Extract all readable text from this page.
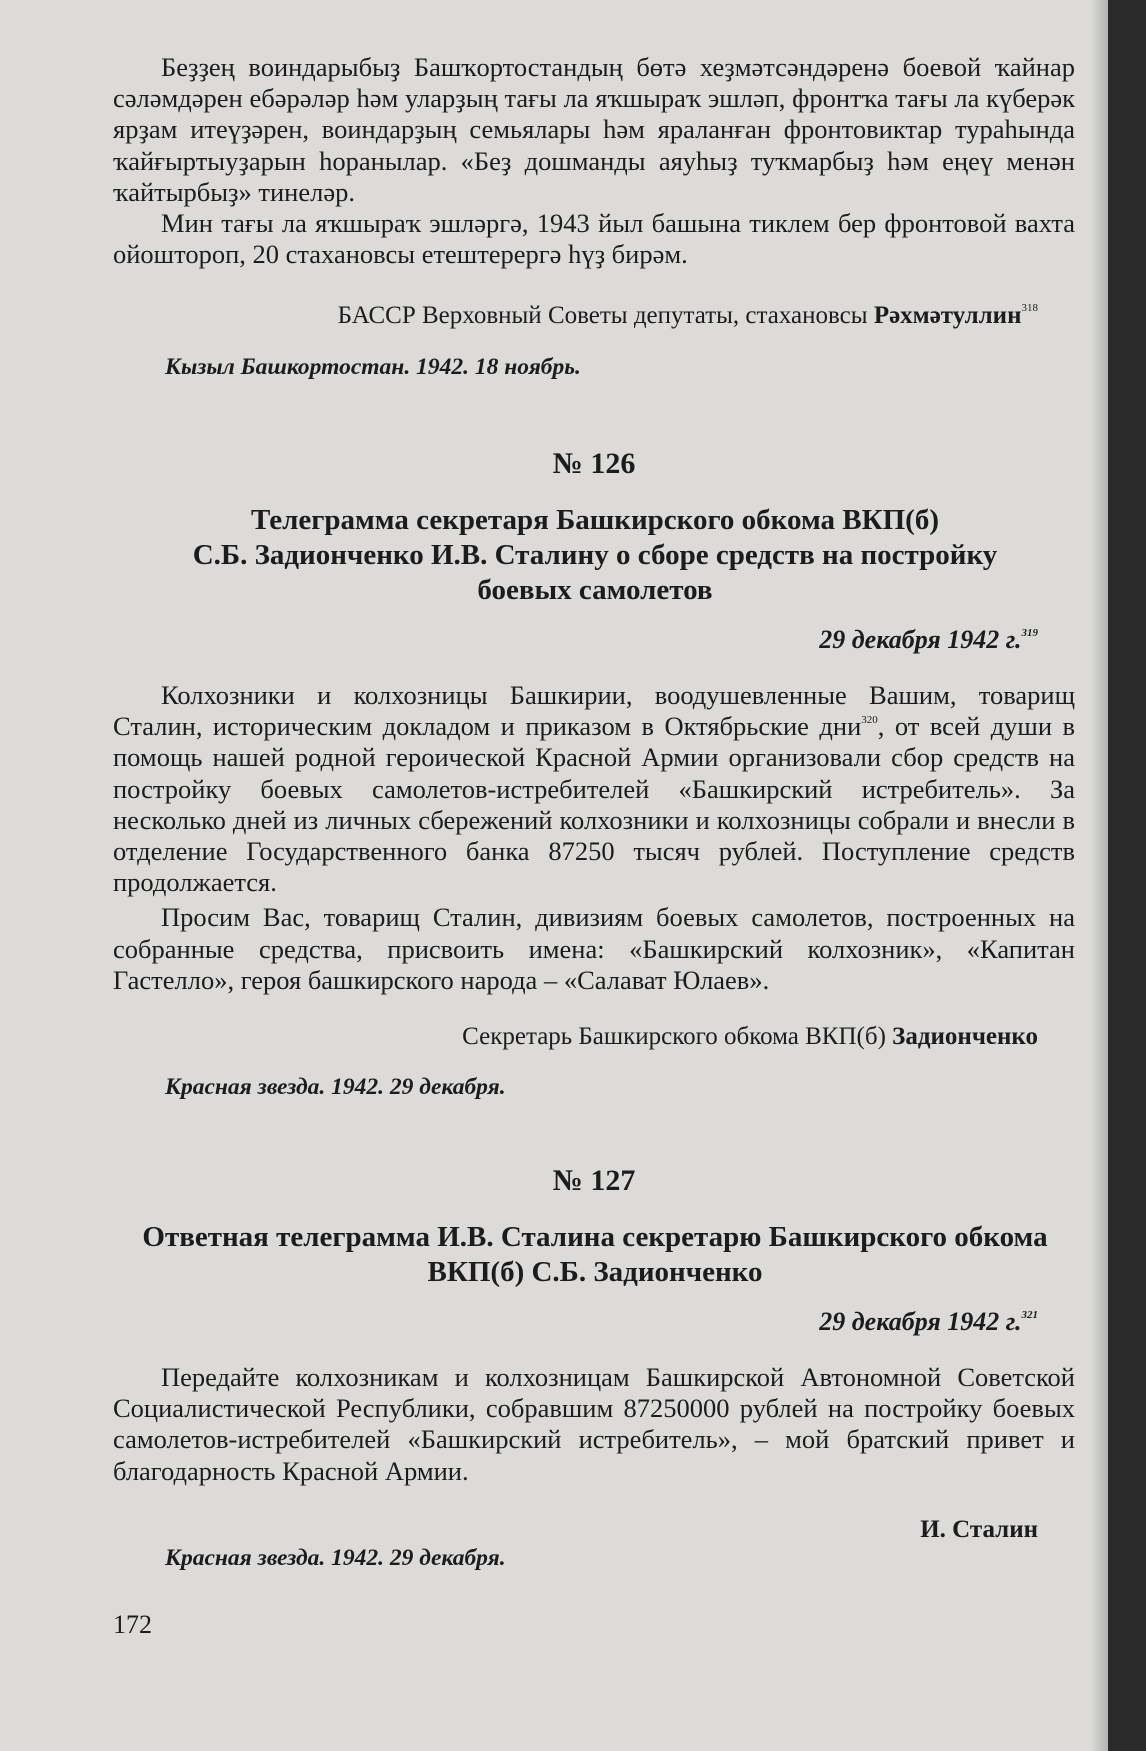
Беҙҙең воиндарыбыҙ Башҡортостандың бөтә хеҙмәтсәндәренә боевой ҡайнар сәләмдәрен ебәрәләр һәм уларҙың тағы ла яҡшыраҡ эшләп, фронтҡа тағы ла күберәк ярҙам итеүҙәрен, воиндарҙың семьялары һәм яраланған фронтовиктар тураһында ҡайғыртыуҙарын һоранылар. «Беҙ дошманды аяуһыҙ туҡмарбыҙ һәм еңеү менән ҡайтырбыҙ» тинеләр.

Мин тағы ла яҡшыраҡ эшләргә, 1943 йыл башына тиклем бер фронтовой вахта ойоштороп, 20 стахановсы етештерергә һүҙ бирәм.

БАССР Верховный Советы депутаты, стахановсы Рәхмәтуллин$^{318}$
Кызыл Башкортостан. 1942. 18 ноябрь.
№ 126
Телеграмма секретаря Башкирского обкома ВКП(б)
С.Б. Задионченко И.В. Сталину о сборе средств на постройку
боевых самолетов
29 декабря 1942 г.$^{319}$

Колхозники и колхозницы Башкирии, воодушевленные Вашим, товарищ Сталин, историческим докладом и приказом в Октябрьские дни$^{320}$, от всей души в помощь нашей родной героической Красной Армии организовали сбор средств на постройку боевых самолетов-истребителей «Башкирский истребитель». За несколько дней из личных сбережений колхозники и колхозницы собрали и внесли в отделение Государственного банка 87250 тысяч рублей. Поступление средств продолжается.

Просим Вас, товарищ Сталин, дивизиям боевых самолетов, построенных на собранные средства, присвоить имена: «Башкирский колхозник», «Капитан Гастелло», героя башкирского народа – «Салават Юлаев».

Секретарь Башкирского обкома ВКП(б) Задионченко
Красная звезда. 1942. 29 декабря.
№ 127
Ответная телеграмма И.В. Сталина секретарю Башкирского обкома
ВКП(б) С.Б. Задионченко
29 декабря 1942 г.$^{321}$

Передайте колхозникам и колхозницам Башкирской Автономной Советской Социалистической Республики, собравшим 87250000 рублей на постройку боевых самолетов-истребителей «Башкирский истребитель», – мой братский привет и благодарность Красной Армии.

И. Сталин
Красная звезда. 1942. 29 декабря.
172
